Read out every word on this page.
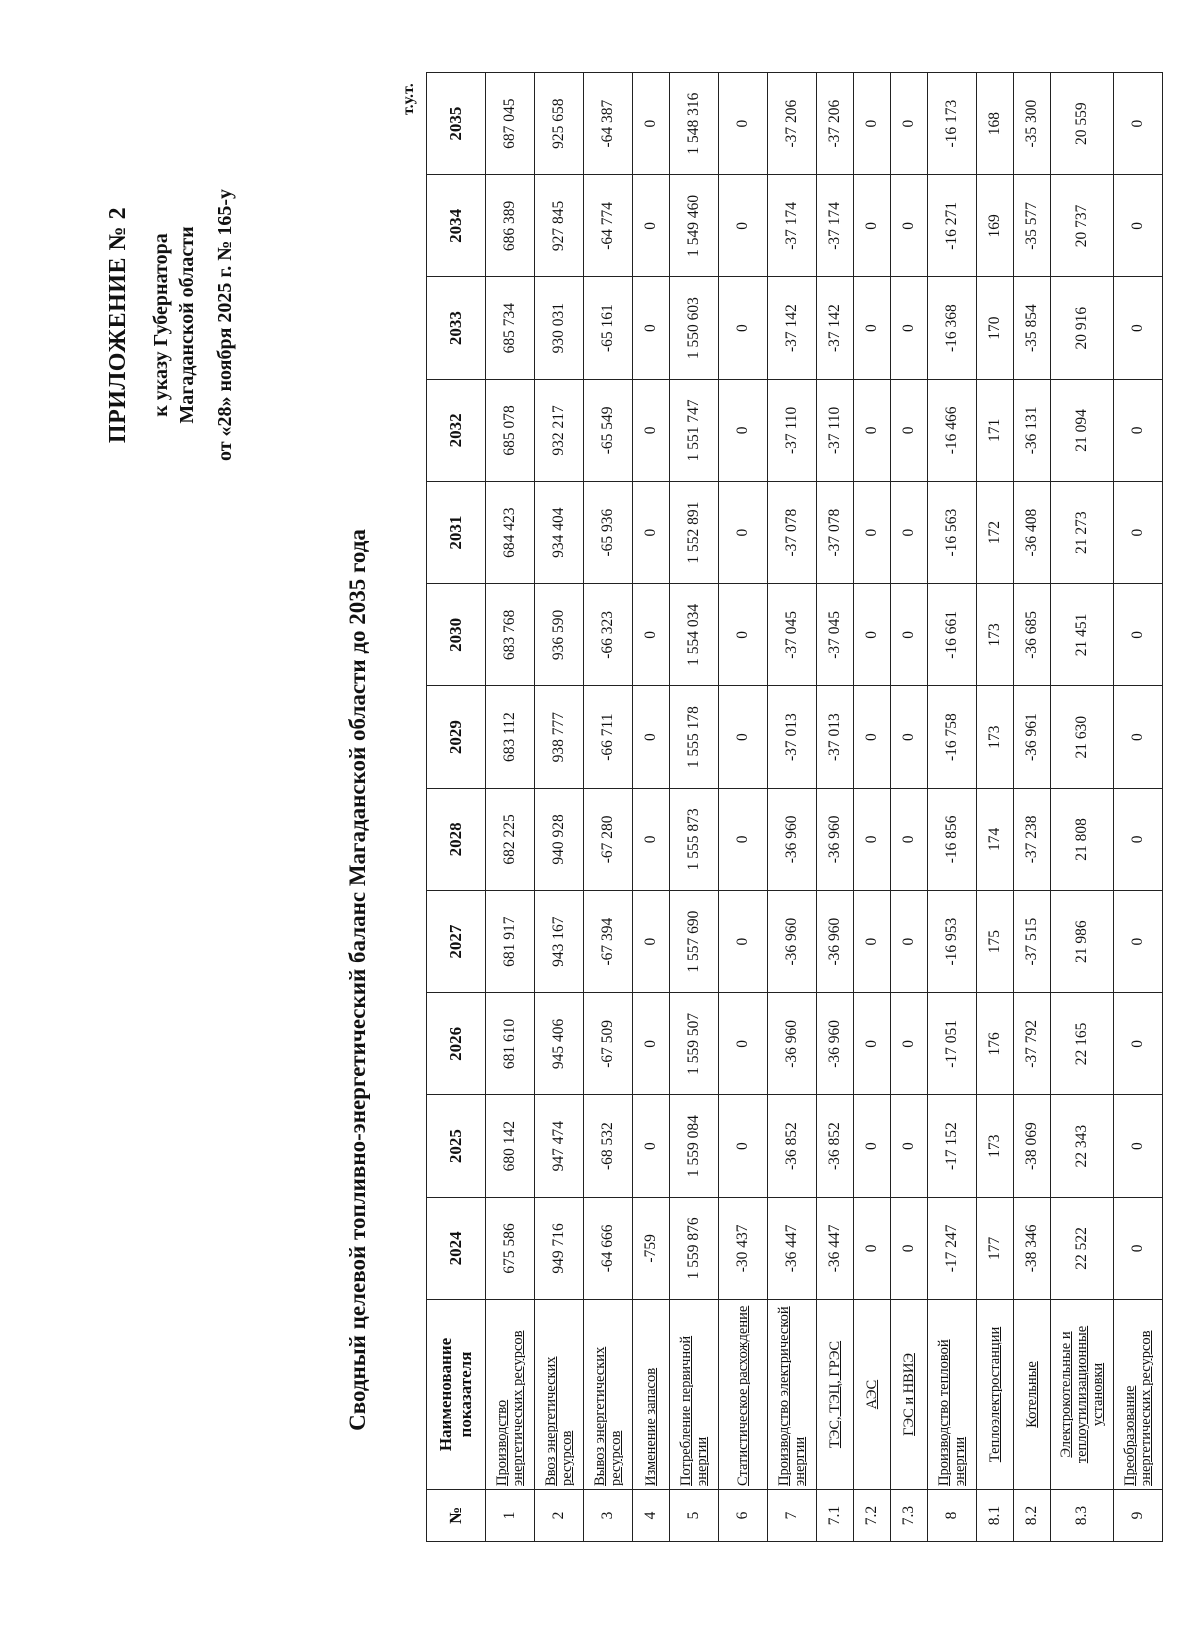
ПРИЛОЖЕНИЕ № 2 к указу Губернатора Магаданской области от «28» ноября 2025 г. № 165-у
Сводный целевой топливно-энергетический баланс Магаданской области до 2035 года
т.у.т.
№	Наименование показателя	2024	2025	2026	2027	2028	2029	2030	2031	2032	2033	2034	2035
1	Производство энергетических ресурсов	675 586	680 142	681 610	681 917	682 225	683 112	683 768	684 423	685 078	685 734	686 389	687 045
2	Ввоз энергетических ресурсов	949 716	947 474	945 406	943 167	940 928	938 777	936 590	934 404	932 217	930 031	927 845	925 658
3	Вывоз энергетических ресурсов	-64 666	-68 532	-67 509	-67 394	-67 280	-66 711	-66 323	-65 936	-65 549	-65 161	-64 774	-64 387
4	Изменение запасов	-759	0	0	0	0	0	0	0	0	0	0	0
5	Потребление первичной энергии	1 559 876	1 559 084	1 559 507	1 557 690	1 555 873	1 555 178	1 554 034	1 552 891	1 551 747	1 550 603	1 549 460	1 548 316
6	Статистическое расхождение	-30 437	0	0	0	0	0	0	0	0	0	0	0
7	Производство электрической энергии	-36 447	-36 852	-36 960	-36 960	-36 960	-37 013	-37 045	-37 078	-37 110	-37 142	-37 174	-37 206
7.1	ТЭС, ТЭЦ, ГРЭС	-36 447	-36 852	-36 960	-36 960	-36 960	-37 013	-37 045	-37 078	-37 110	-37 142	-37 174	-37 206
7.2	АЭС	0	0	0	0	0	0	0	0	0	0	0	0
7.3	ГЭС и НВИЭ	0	0	0	0	0	0	0	0	0	0	0	0
8	Производство тепловой энергии	-17 247	-17 152	-17 051	-16 953	-16 856	-16 758	-16 661	-16 563	-16 466	-16 368	-16 271	-16 173
8.1	Теплоэлектростанции	177	173	176	175	174	173	173	172	171	170	169	168
8.2	Котельные	-38 346	-38 069	-37 792	-37 515	-37 238	-36 961	-36 685	-36 408	-36 131	-35 854	-35 577	-35 300
8.3	Электрокотельные и теплоутилизационные установки	22 522	22 343	22 165	21 986	21 808	21 630	21 451	21 273	21 094	20 916	20 737	20 559
9	Преобразование энергетических ресурсов	0	0	0	0	0	0	0	0	0	0	0	0
